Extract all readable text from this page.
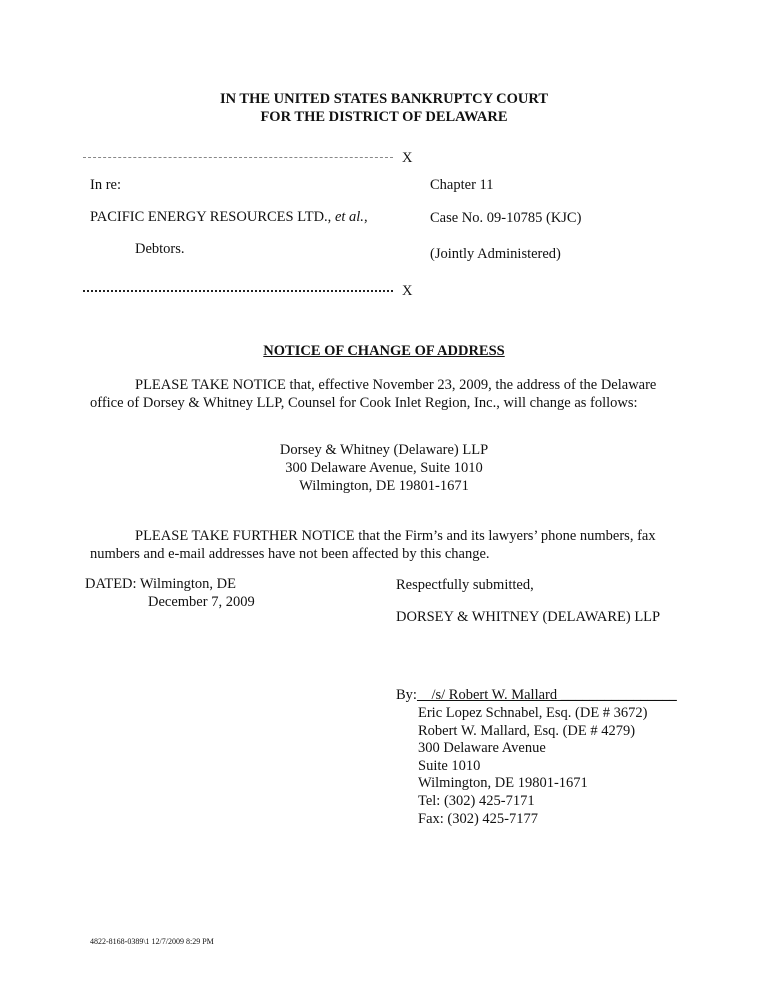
IN THE UNITED STATES BANKRUPTCY COURT
FOR THE DISTRICT OF DELAWARE
X
In re:
PACIFIC ENERGY RESOURCES LTD., et al.,
Debtors.
Chapter 11
Case No. 09-10785 (KJC)
(Jointly Administered)
X
NOTICE OF CHANGE OF ADDRESS
PLEASE TAKE NOTICE that, effective November 23, 2009, the address of the Delaware office of Dorsey & Whitney LLP, Counsel for Cook Inlet Region, Inc., will change as follows:
Dorsey & Whitney (Delaware) LLP
300 Delaware Avenue, Suite 1010
Wilmington, DE 19801-1671
PLEASE TAKE FURTHER NOTICE that the Firm’s and its lawyers’ phone numbers, fax numbers and e-mail addresses have not been affected by this change.
DATED: Wilmington, DE
December 7, 2009
Respectfully submitted,
DORSEY & WHITNEY (DELAWARE) LLP
By:    /s/ Robert W. Mallard ________________
Eric Lopez Schnabel, Esq. (DE # 3672)
Robert W. Mallard, Esq. (DE # 4279)
300 Delaware Avenue
Suite 1010
Wilmington, DE 19801-1671
Tel: (302) 425-7171
Fax: (302) 425-7177
4822-8168-0389\1 12/7/2009 8:29 PM
